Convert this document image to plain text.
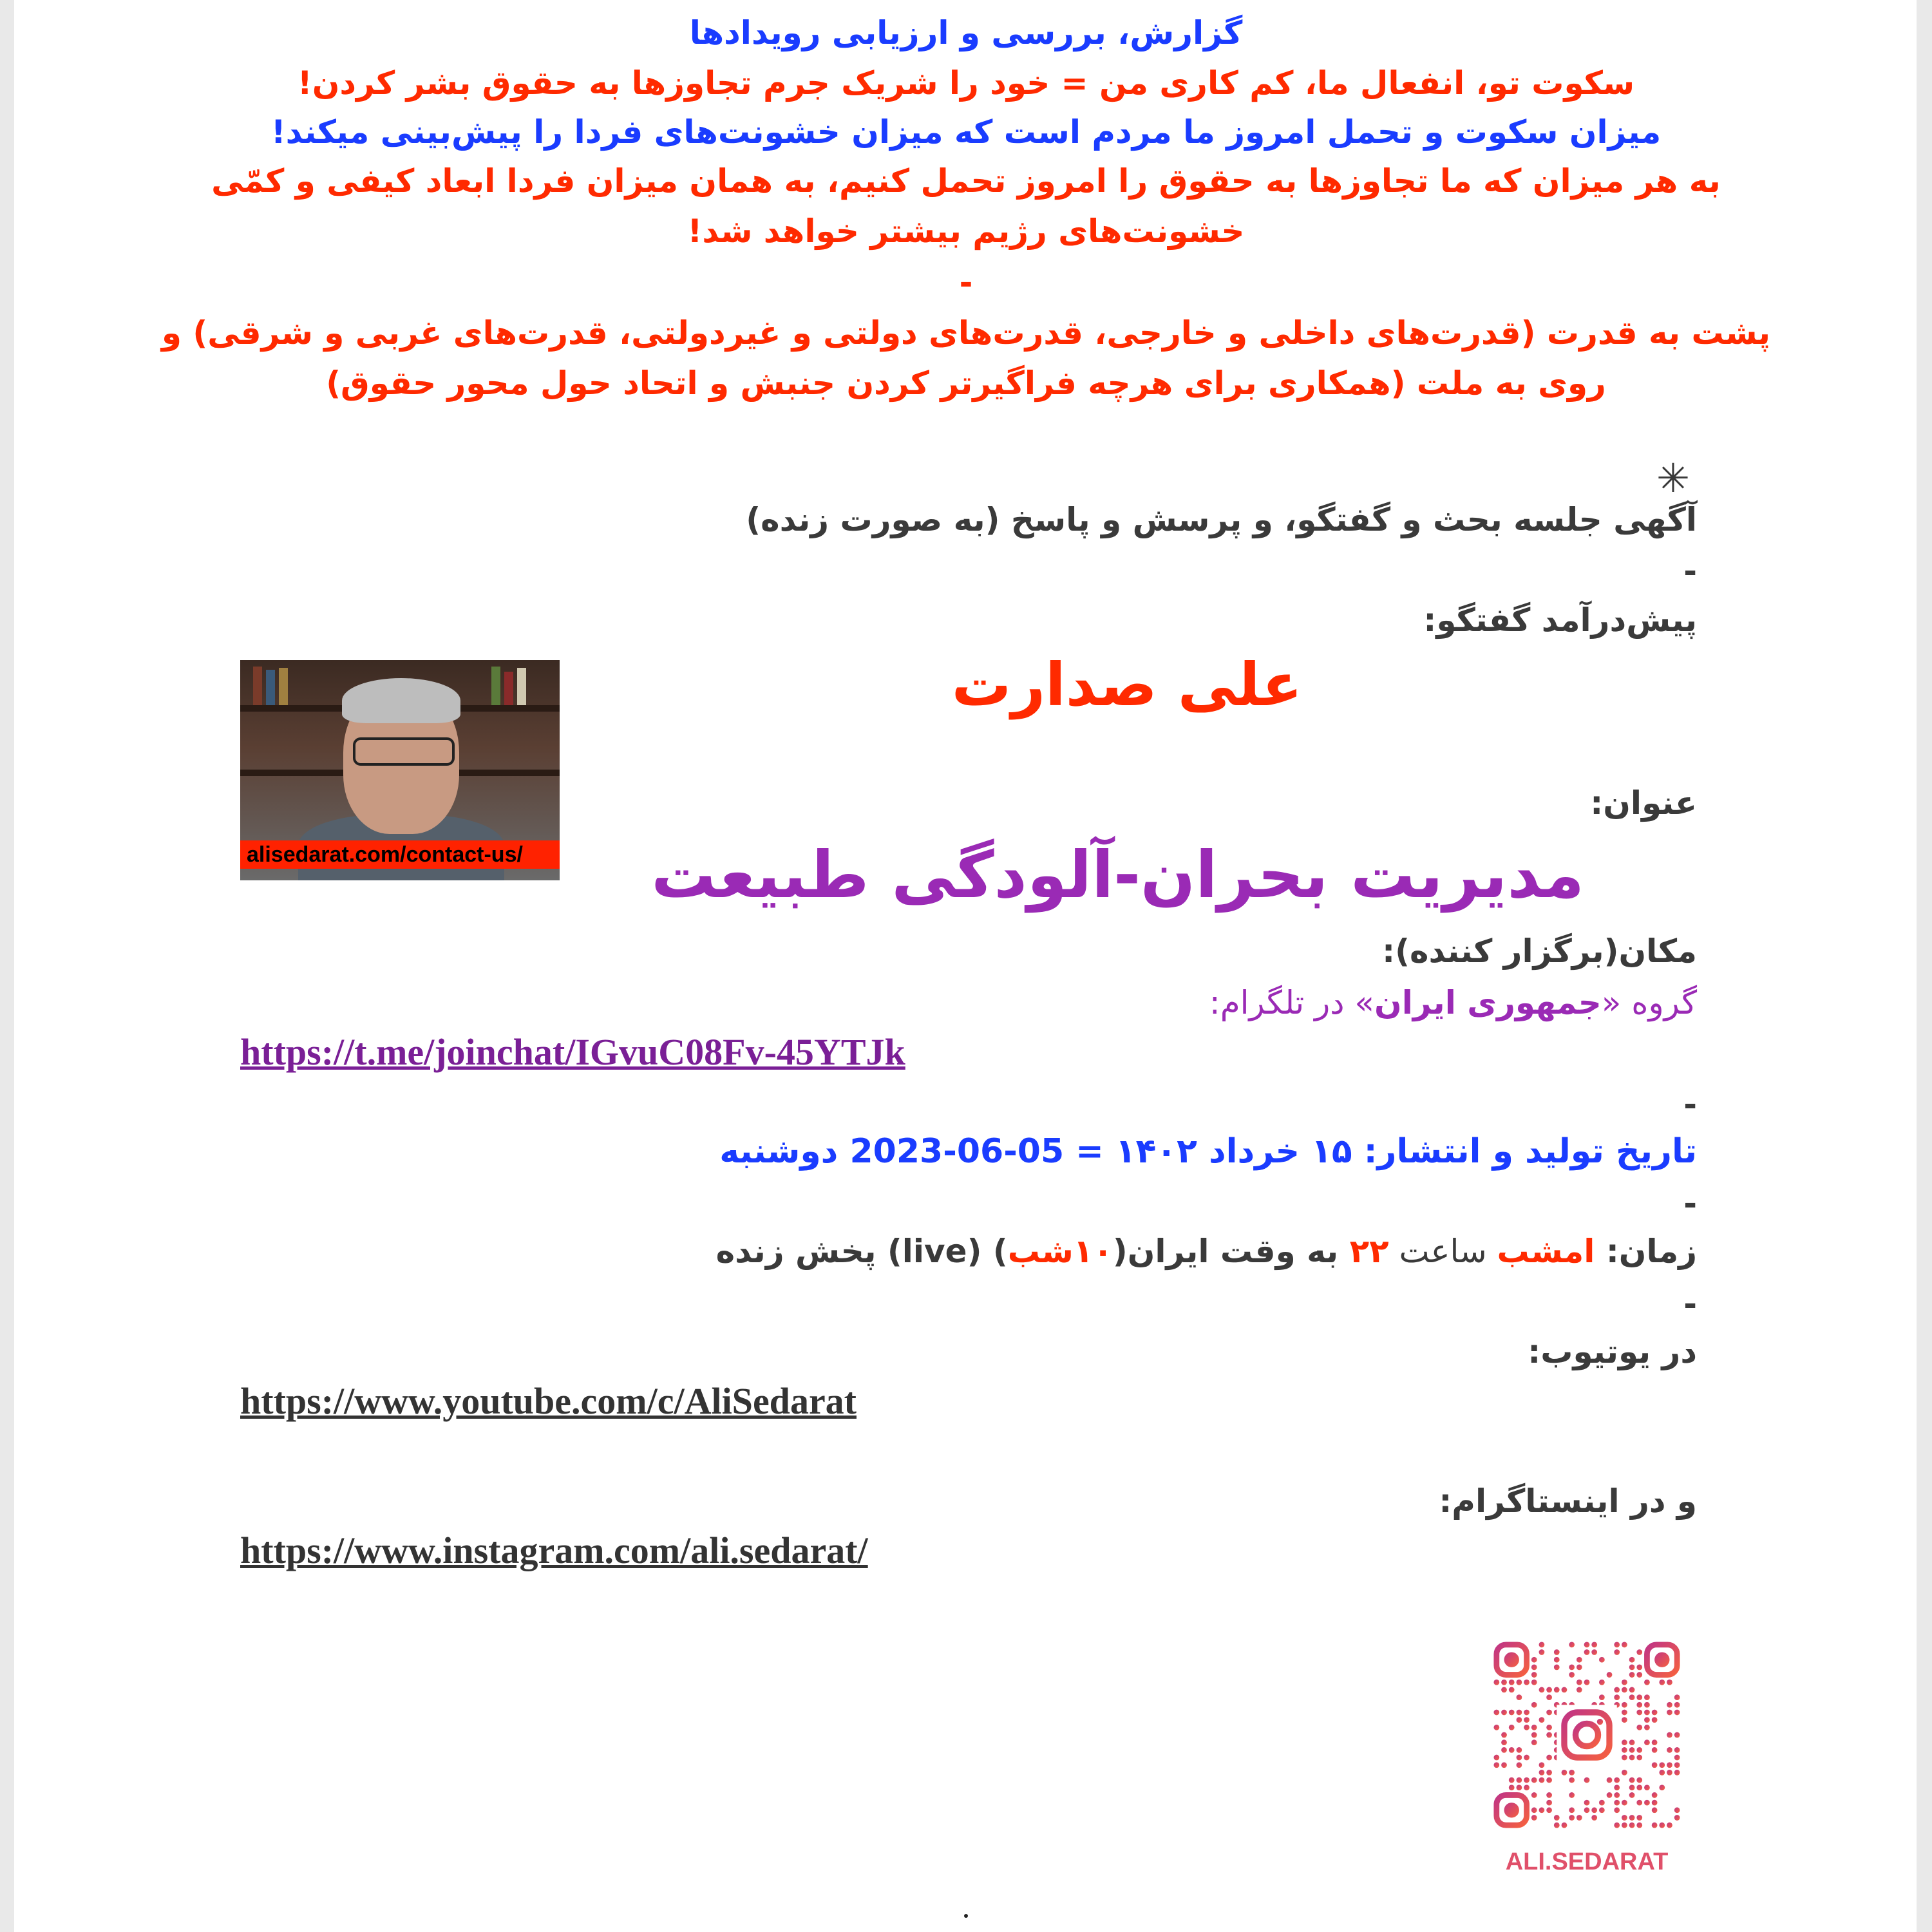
گزارش، بررسی و ارزیابی رویدادها
سکوت تو، انفعال ما، کم کاری من = خود را شریک جرم تجاوزها به حقوق بشر کردن!
میزان سکوت و تحمل امروز ما مردم است که میزان خشونت‌های فردا را پیش‌بینی میکند!
به هر میزان که ما تجاوزها به حقوق را امروز تحمل کنیم، به همان میزان فردا ابعاد کیفی و کمّی
خشونت‌های رژیم بیشتر خواهد شد!
-
پشت به قدرت (قدرت‌های داخلی و خارجی، قدرت‌های دولتی و غیردولتی، قدرت‌های غربی و شرقی) و
روی به ملت (همکاری برای هرچه فراگیرتر کردن جنبش و اتحاد حول محور حقوق)
✳
آگهی جلسه بحث و گفتگو، و پرسش و پاسخ (به صورت زنده)
-
پیش‌درآمد گفتگو:
alisedarat.com/contact-us/
علی صدارت
عنوان:
مدیریت بحران-آلودگی طبیعت
مکان(برگزار کننده):
گروه «جمهوری ایران» در تلگرام:
https://t.me/joinchat/IGvuC08Fv-45YTJk
-
تاریخ تولید و انتشار: ۱۵ خرداد ۱۴۰۲ = 05-06-2023 دوشنبه
-
زمان: امشب ساعت ۲۲ به وقت ایران(۱۰شب) (live) پخش زنده
-
در یوتیوب:
https://www.youtube.com/c/AliSedarat
و در اینستاگرام:
https://www.instagram.com/ali.sedarat/
ALI.SEDARAT
